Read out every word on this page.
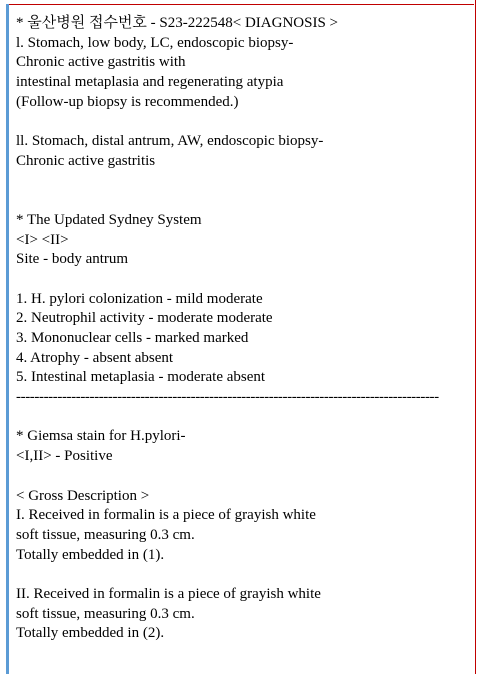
* 울산병원 접수번호 - S23-222548< DIAGNOSIS >
l. Stomach, low body, LC, endoscopic biopsy-
Chronic active gastritis with
intestinal metaplasia and regenerating atypia
(Follow-up biopsy is recommended.)
ll. Stomach, distal antrum, AW, endoscopic biopsy-
Chronic active gastritis
* The Updated Sydney System
<I> <II>
Site - body antrum
1. H. pylori colonization - mild moderate
2. Neutrophil activity - moderate moderate
3. Mononuclear cells - marked marked
4. Atrophy - absent absent
5. Intestinal metaplasia - moderate absent
--------------------------------------------------------------------------------------------
* Giemsa stain for H.pylori-
<I,II> - Positive
< Gross Description >
I. Received in formalin is a piece of grayish white
soft tissue, measuring 0.3 cm.
Totally embedded in (1).
II. Received in formalin is a piece of grayish white
soft tissue, measuring 0.3 cm.
Totally embedded in (2).
